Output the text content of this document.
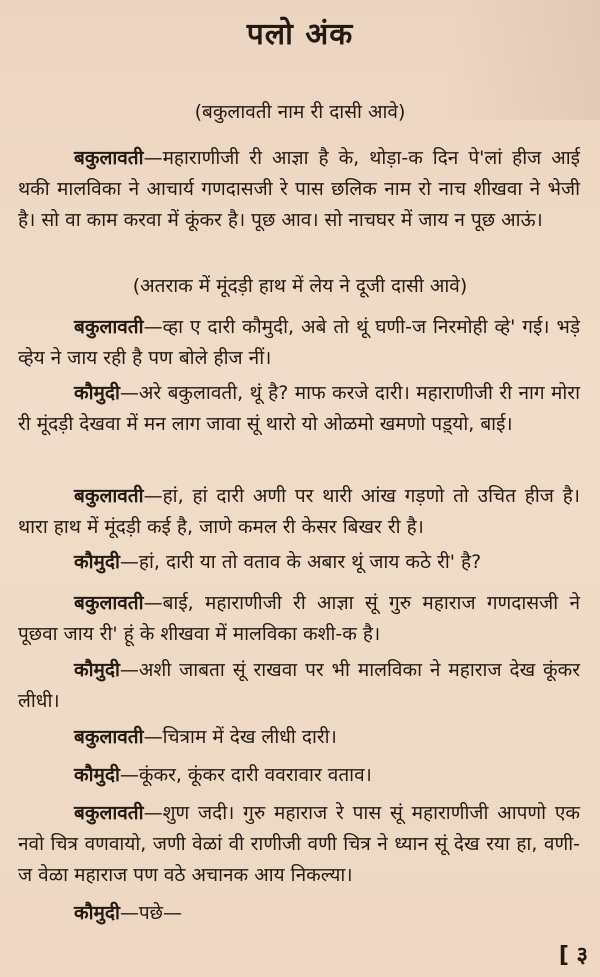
पलो अंक
(बकुलावती नाम री दासी आवे)
बकुलावती—महाराणीजी री आज्ञा है के, थोड़ा-क दिन पे'लां हीज आई थकी मालविका ने आचार्य गणदासजी रे पास छलिक नाम रो नाच शीखवा ने भेजी है। सो वा काम करवा में कूंकर है। पूछ आव। सो नाचघर में जाय न पूछ आऊं।
(अतराक में मूंदड़ी हाथ में लेय ने दूजी दासी आवे)
बकुलावती—व्हा ए दारी कौमुदी, अबे तो थूं घणी-ज निरमोही व्हे' गई। भड़े व्हेय ने जाय रही है पण बोले हीज नीं।
कौमुदी—अरे बकुलावती, थूं है? माफ करजे दारी। महाराणीजी री नाग मोरा री मूंदड़ी देखवा में मन लाग जावा सूं थारो यो ओळमो खमणो पड़्यो, बाई।
बकुलावती—हां, हां दारी अणी पर थारी आंख गड़णो तो उचित हीज है। थारा हाथ में मूंदड़ी कई है, जाणे कमल री केसर बिखर री है।
कौमुदी—हां, दारी या तो वताव के अबार थूं जाय कठे री' है?
बकुलावती—बाई, महाराणीजी री आज्ञा सूं गुरु महाराज गणदासजी ने पूछवा जाय री' हूं के शीखवा में मालविका कशी-क है।
कौमुदी—अशी जाबता सूं राखवा पर भी मालविका ने महाराज देख कूंकर लीधी।
बकुलावती—चित्राम में देख लीधी दारी।
कौमुदी—कूंकर, कूंकर दारी ववरावार वताव।
बकुलावती—शुण जदी। गुरु महाराज रे पास सूं महाराणीजी आपणो एक नवो चित्र वणवायो, जणी वेळां वी राणीजी वणी चित्र ने ध्यान सूं देख रया हा, वणी-ज वेळा महाराज पण वठे अचानक आय निकल्या।
कौमुदी—पछे—
[ ३
